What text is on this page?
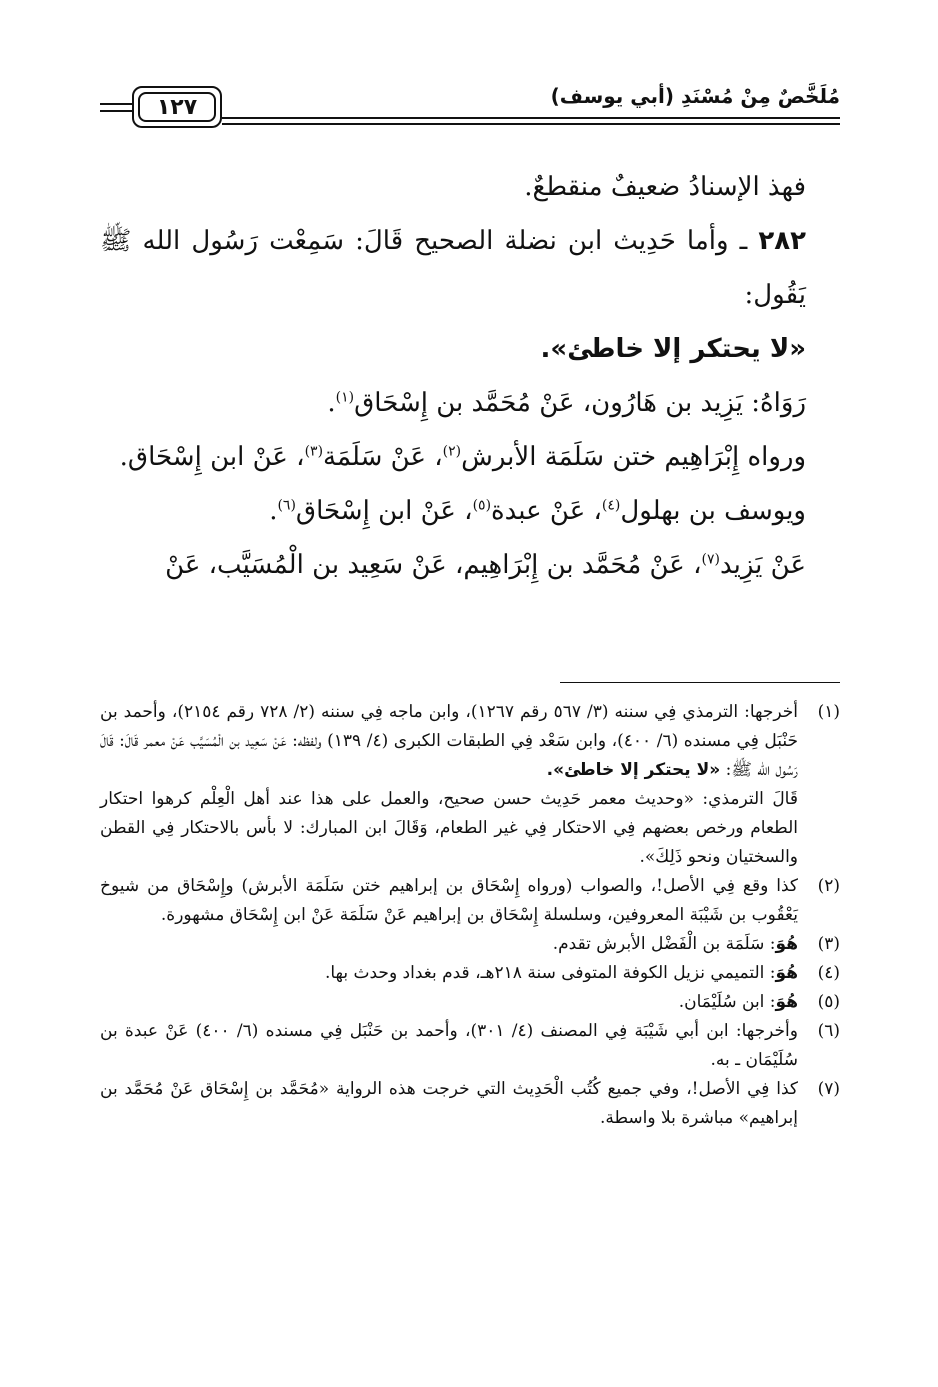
١٢٧	مُلَخَّصٌ مِنْ مُسْنَدِ (أبي يوسف)

فهذ الإسنادُ ضعيفٌ منقطعٌ.

٢٨٢ ـ وأما حَدِيث ابن نضلة الصحيح قَالَ: سَمِعْت رَسُول الله ﷺ يَقُول:

«لا يحتكر إلا خاطئ».

رَوَاهُ: يَزِيد بن هَارُون، عَنْ مُحَمَّد بن إِسْحَاق$^{(١)}$.

ورواه إِبْرَاهِيم ختن سَلَمَة الأبرش$^{(٢)}$، عَنْ سَلَمَة$^{(٣)}$، عَنْ ابن إِسْحَاق.

ويوسف بن بهلول$^{(٤)}$، عَنْ عبدة$^{(٥)}$، عَنْ ابن إِسْحَاق$^{(٦)}$.

عَنْ يَزِيد$^{(٧)}$، عَنْ مُحَمَّد بن إِبْرَاهِيم، عَنْ سَعِيد بن الْمُسَيَّب، عَنْ

(١)
أخرجها: الترمذي فِي سننه (٣/ ٥٦٧ رقم ١٢٦٧)، وابن ماجه فِي سننه (٢/ ٧٢٨ رقم ٢١٥٤)، وأحمد بن حَنْبَل فِي مسنده (٦/ ٤٠٠)، وابن سَعْد فِي الطبقات الكبرى (٤/ ١٣٩) ولفظه: عَنْ سَعِيد بن الْمُسَيَّب عَنْ معمر قَالَ: قَالَ رَسُول الله ﷺ: «لا يحتكر إلا خاطئ».
قَالَ الترمذي: «وحديث معمر حَدِيث حسن صحيح، والعمل على هذا عند أهل الْعِلْم كرهوا احتكار الطعام ورخص بعضهم فِي الاحتكار فِي غير الطعام، وَقَالَ ابن المبارك: لا بأس بالاحتكار فِي القطن والسختيان ونحو ذَلِكَ».
(٢)
كذا وقع فِي الأصل!، والصواب (ورواه إِسْحَاق بن إبراهيم ختن سَلَمَة الأبرش) وإِسْحَاق من شيوخ يَعْقُوب بن شَيْبَة المعروفين، وسلسلة إِسْحَاق بن إبراهيم عَنْ سَلَمَة عَنْ ابن إِسْحَاق مشهورة.
(٣)
هُوَ: سَلَمَة بن الْفَضْل الأبرش تقدم.
(٤)
هُوَ: التميمي نزيل الكوفة المتوفى سنة ٢١٨هـ، قدم بغداد وحدث بها.
(٥)
هُوَ: ابن سُلَيْمَان.
(٦)
وأخرجها: ابن أبي شَيْبَة فِي المصنف (٤/ ٣٠١)، وأحمد بن حَنْبَل فِي مسنده (٦/ ٤٠٠) عَنْ عبدة بن سُلَيْمَان ـ به.
(٧)
كذا فِي الأصل!، وفي جميع كُتُب الْحَدِيث التي خرجت هذه الرواية «مُحَمَّد بن إِسْحَاق عَنْ مُحَمَّد بن إبراهيم» مباشرة بلا واسطة.
